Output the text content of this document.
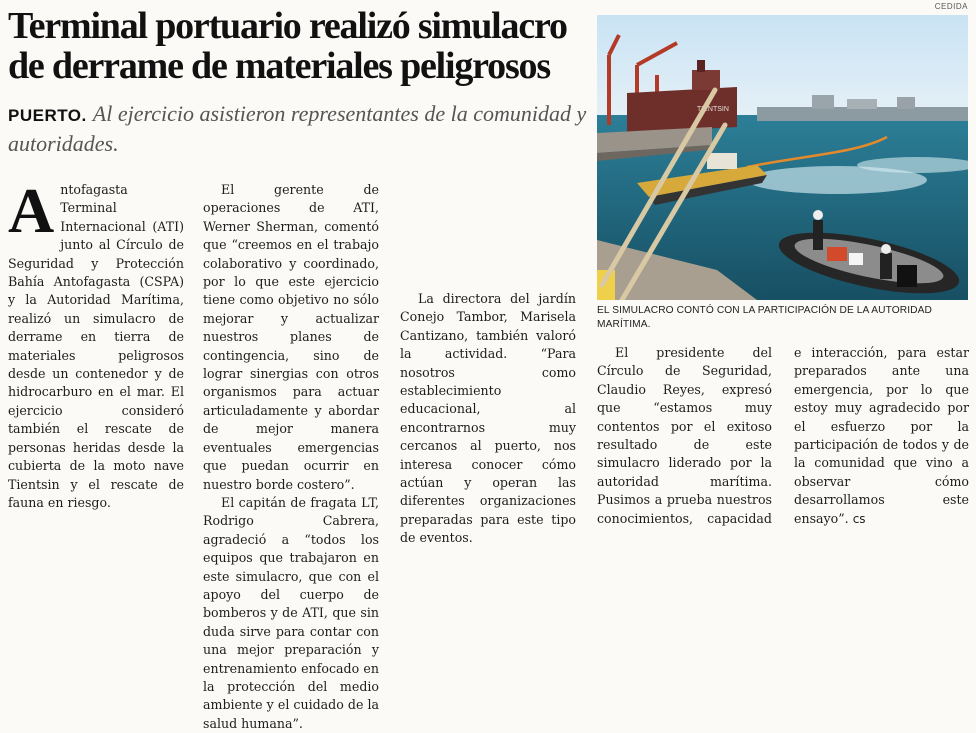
Terminal portuario realizó simulacro de derrame de materiales peligrosos
PUERTO. Al ejercicio asistieron representantes de la comunidad y autoridades.
CEDIDA
TIENTSIN
EL SIMULACRO CONTÓ CON LA PARTICIPACIÓN DE LA AUTORIDAD MARÍTIMA.

Antofagasta Terminal Internacional (ATI) junto al Círculo de Seguridad y Protección Bahía Antofagasta (CSPA) y la Autoridad Marítima, realizó un simulacro de derrame en tierra de materiales peligrosos desde un contenedor y de hidrocarburo en el mar. El ejercicio consideró también el rescate de personas heridas desde la cubierta de la moto nave Tientsin y el rescate de fauna en riesgo.

El gerente de operaciones de ATI, Werner Sherman, comentó que “creemos en el trabajo colaborativo y coordinado, por lo que este ejercicio tiene como objetivo no sólo mejorar y actualizar nuestros planes de contingencia, sino de lograr sinergias con otros organismos para actuar articuladamente y abordar de mejor manera eventuales emergencias que puedan ocurrir en nuestro borde costero”.

El capitán de fragata LT, Rodrigo Cabrera, agradeció a “todos los equipos que trabajaron en este simulacro, que con el apoyo del cuerpo de bomberos y de ATI, que sin duda sirve para contar con una mejor preparación y entrenamiento enfocado en la protección del medio ambiente y el cuidado de la salud humana”.

La directora del jardín Conejo Tambor, Marisela Cantizano, también valoró la actividad. “Para nosotros como establecimiento educacional, al encontrarnos muy cercanos al puerto, nos interesa conocer cómo actúan y operan las diferentes organizaciones preparadas para este tipo de eventos.

El presidente del Círculo de Seguridad, Claudio Reyes, expresó que “estamos muy contentos por el exitoso resultado de este simulacro liderado por la autoridad marítima. Pusimos a prueba nuestros conocimientos, capacidad e interacción, para estar preparados ante una emergencia, por lo que estoy muy agradecido por el esfuerzo por la participación de todos y de la comunidad que vino a observar cómo desarrollamos este ensayo”. cs
